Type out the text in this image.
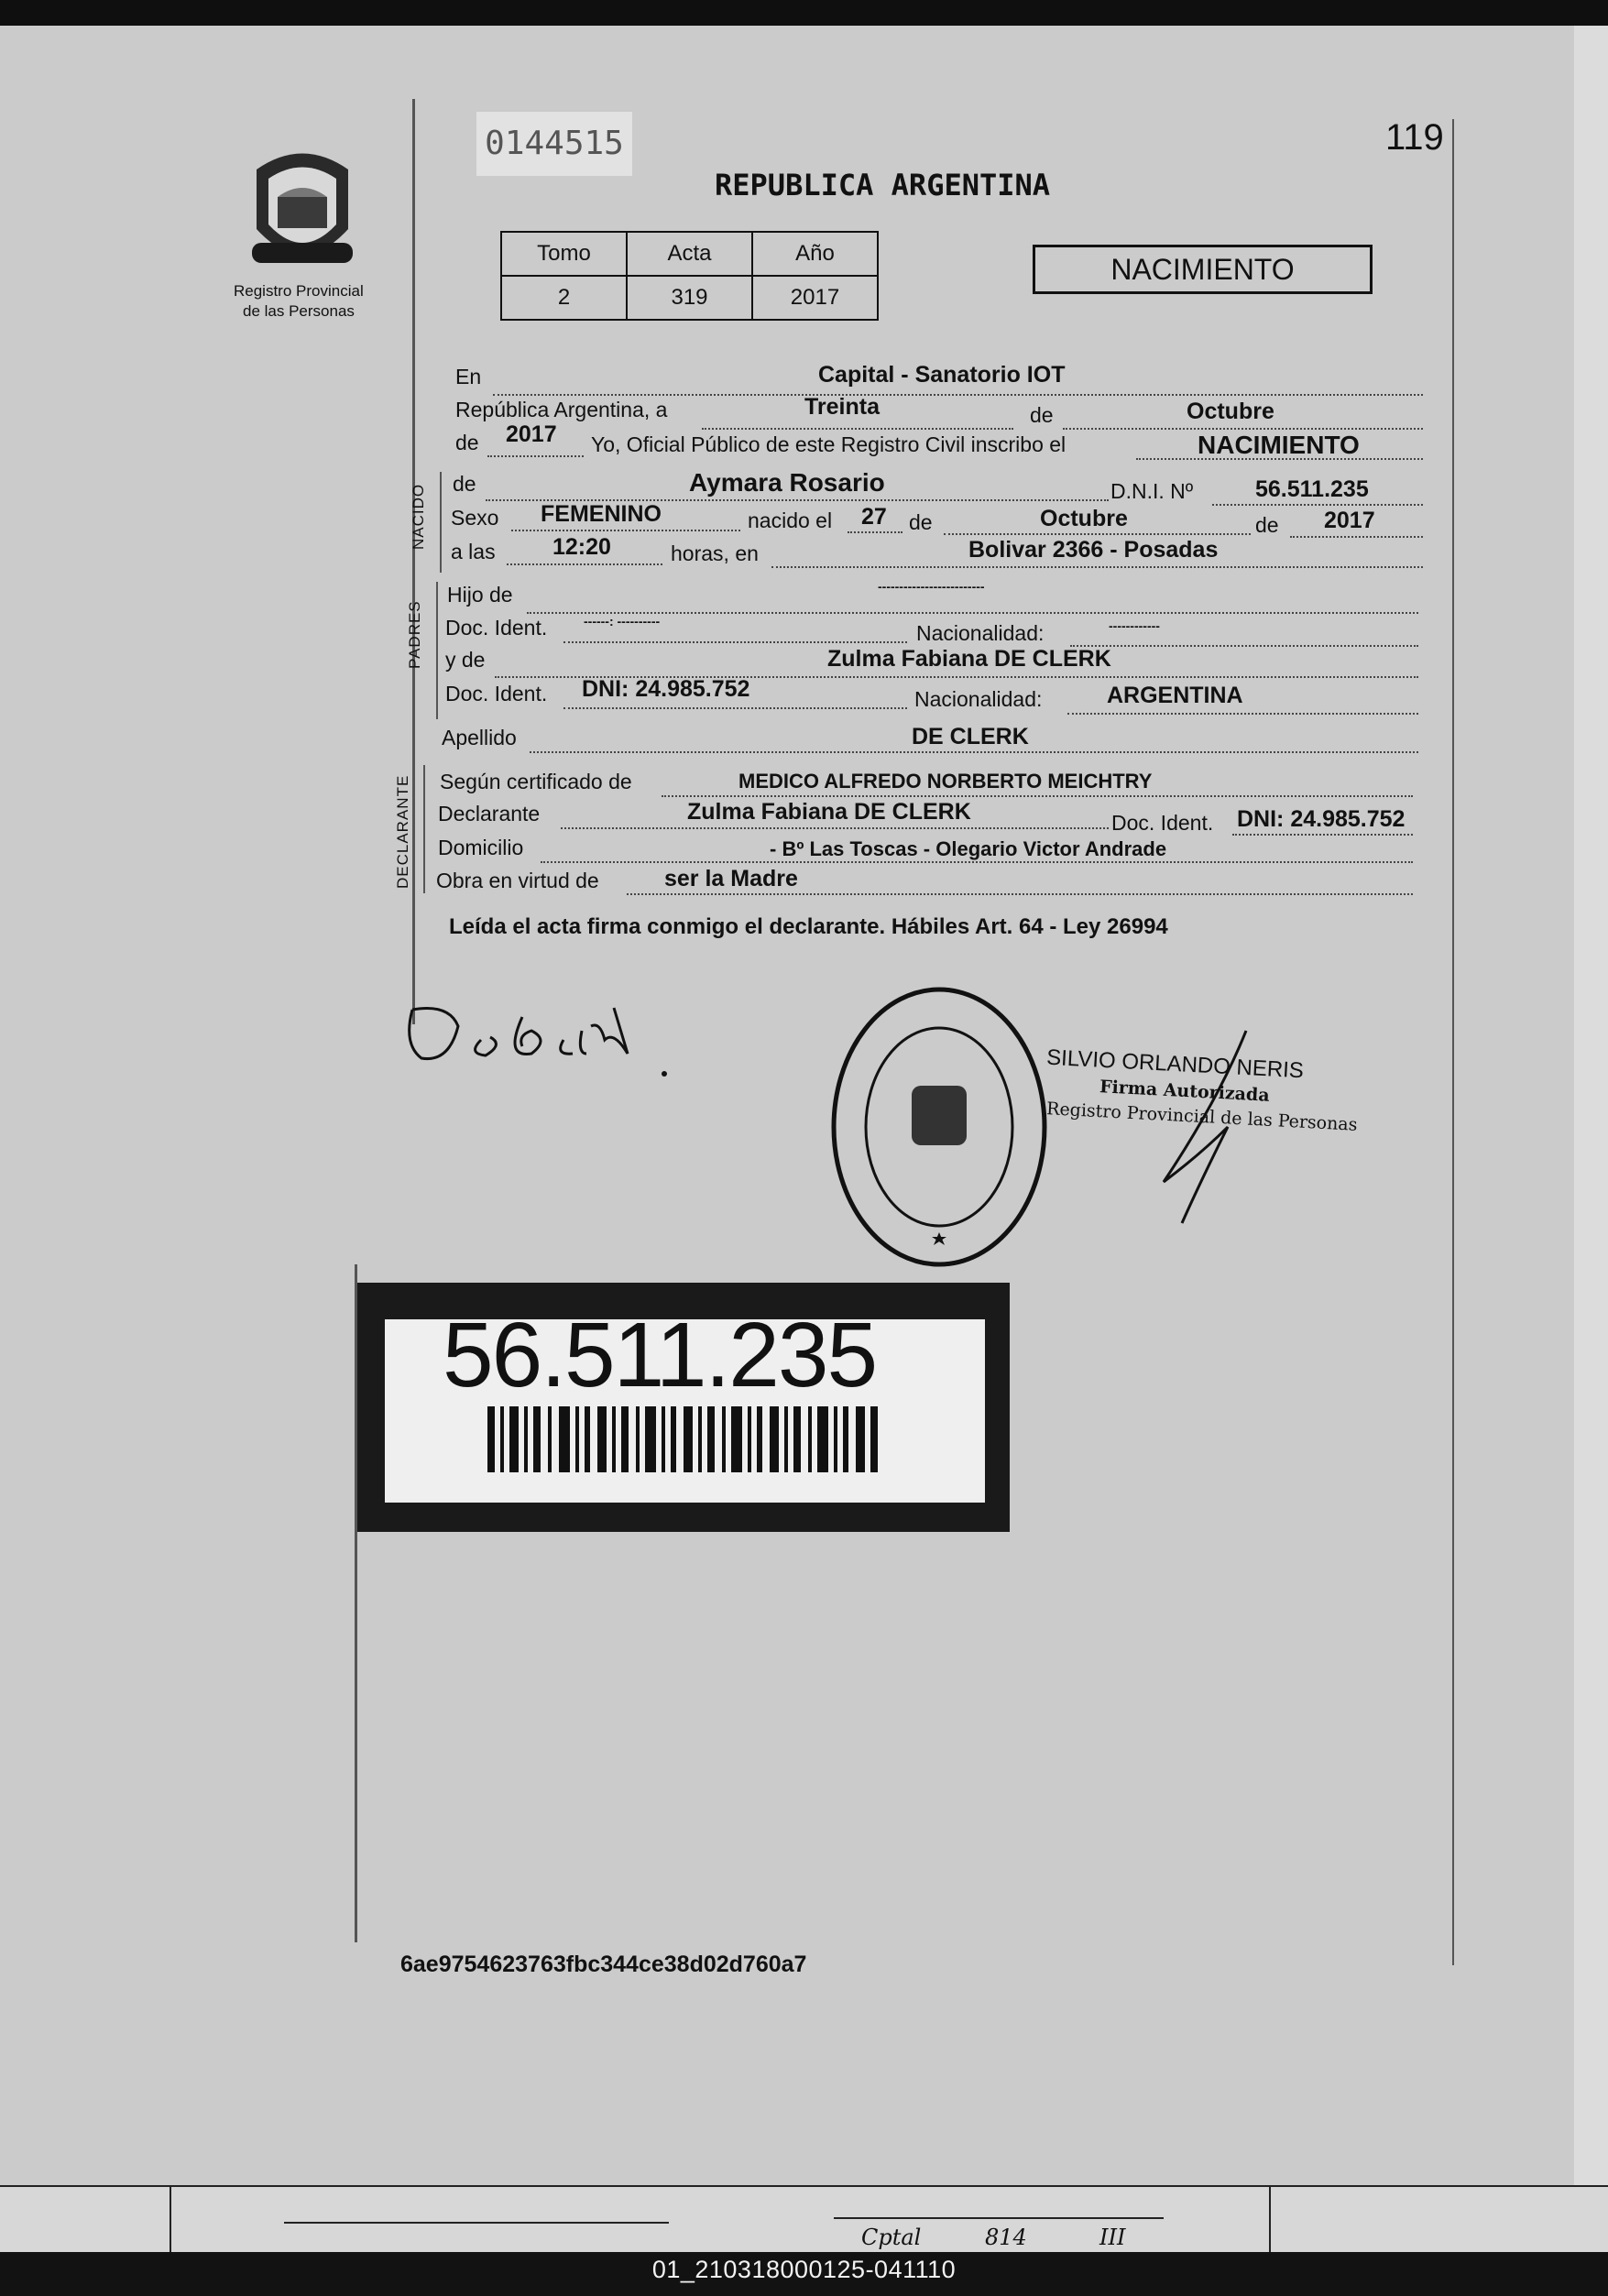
Registro Provincial
de las Personas
0144515	119
REPUBLICA ARGENTINA
Tomo	Acta	Año
2	319	2017
NACIMIENTO
En	Capital - Sanatorio IOT
República Argentina, a	Treinta	de	Octubre
de 2017 Yo, Oficial Público de este Registro Civil inscribo el	NACIMIENTO
NACIDO de	Aymara Rosario	D.N.I. Nº	56.511.235
Sexo FEMENINO	nacido el 27 de	Octubre	de 2017
a las 12:20	horas, en	Bolivar 2366 - Posadas
PADRES
Hijo de	-------------------------
Doc. Ident.	------: ----------	Nacionalidad:	------------
y de	Zulma Fabiana DE CLERK
Doc. Ident. DNI: 24.985.752	Nacionalidad:	ARGENTINA
Apellido	DE CLERK
DECLARANTE Según certificado de	MEDICO ALFREDO NORBERTO MEICHTRY
Declarante	Zulma Fabiana DE CLERK	Doc. Ident. DNI: 24.985.752
Domicilio	- Bº Las Toscas - Olegario Victor Andrade
Obra en virtud de	ser la Madre
Leída el acta firma conmigo el declarante. Hábiles Art. 64 - Ley 26994
SILVIO ORLANDO NERIS
Firma Autorizada
Registro Provincial de las Personas
56.511.235
6ae9754623763fbc344ce38d02d760a7
Cptal	814	III
01_210318000125-041110
